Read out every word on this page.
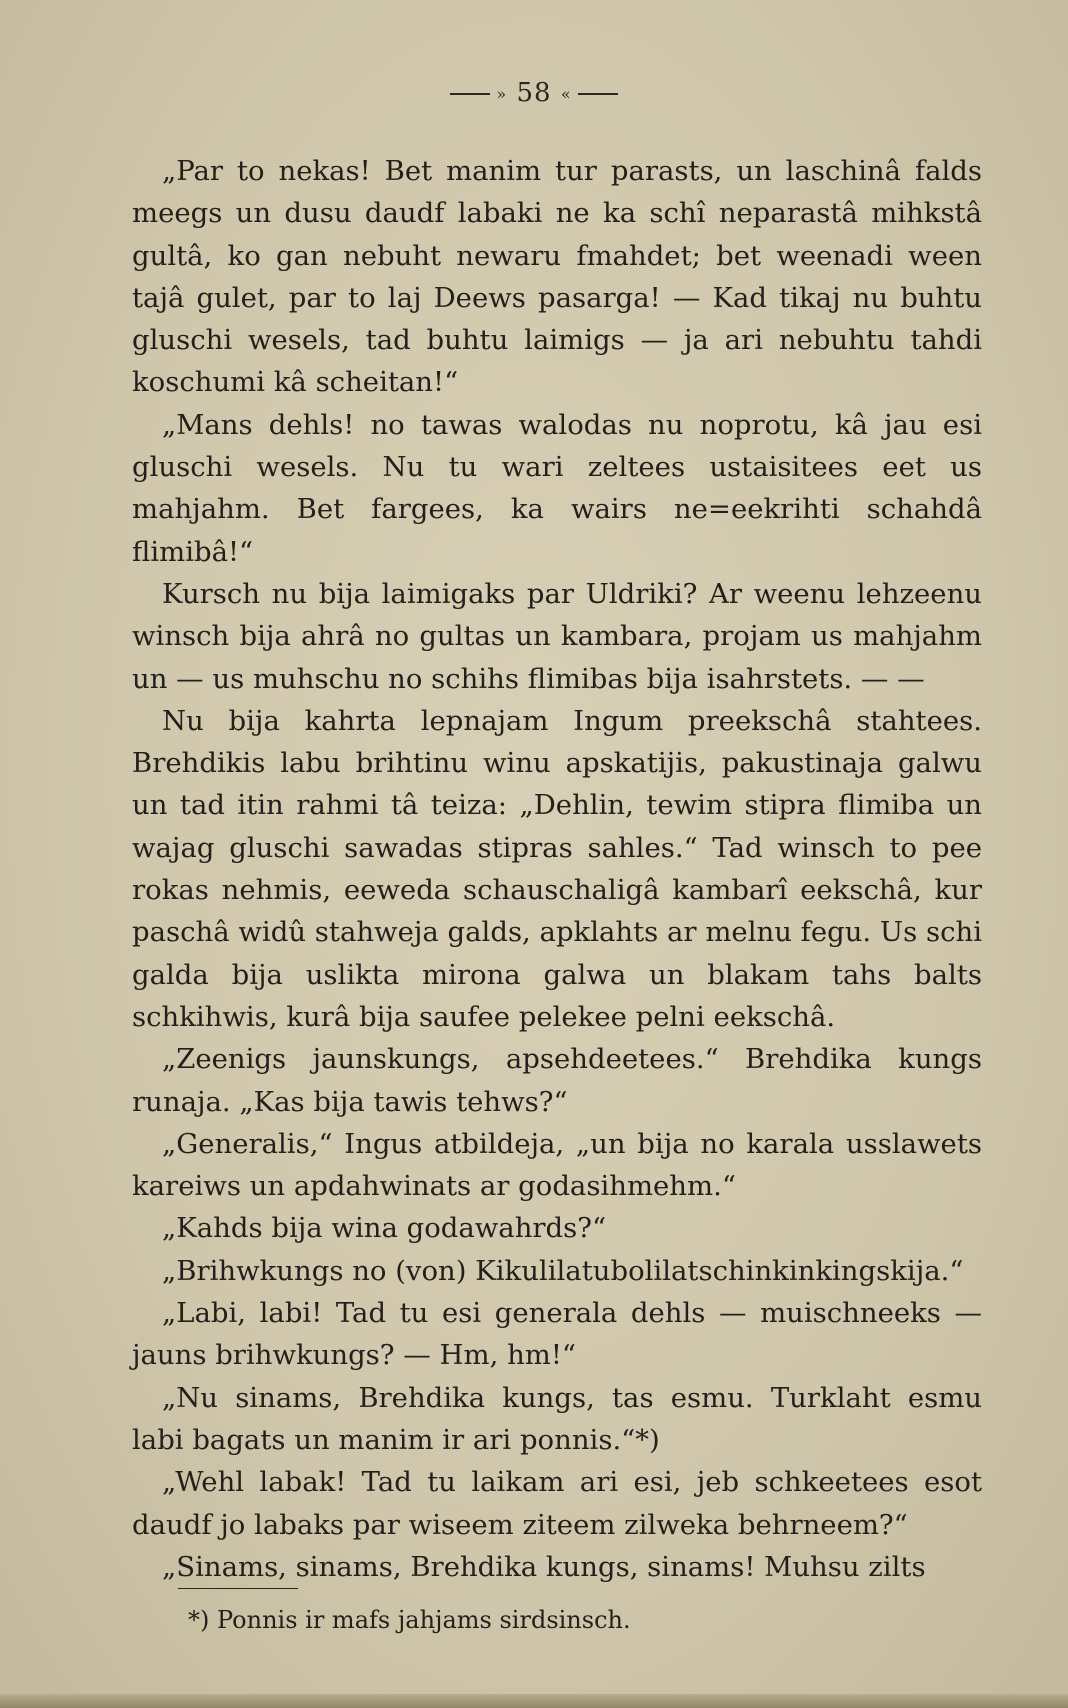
» 58 «

„Par to nekas! Bet manim tur parasts, un laschinâ falds meegs un dusu daudf labaki ne ka schî neparastâ mihkstâ gultâ, ko gan nebuht newaru fmahdet; bet weenadi ween tajâ gulet, par to laj Deews pasarga! — Kad tikaj nu buhtu gluschi wesels, tad buhtu laimigs — ja ari nebuhtu tahdi koschumi kâ scheitan!“

„Mans dehls! no tawas walodas nu noprotu, kâ jau esi gluschi wesels. Nu tu wari zeltees ustaisitees eet us mahjahm. Bet fargees, ka wairs ne=eekrihti schahdâ flimibâ!“

Kursch nu bija laimigaks par Uldriki? Ar weenu lehzeenu winsch bija ahrâ no gultas un kambara, projam us mahjahm un — us muhschu no schihs flimibas bija isahrstets. — —

Nu bija kahrta lepnajam Ingum preekschâ stahtees. Brehdikis labu brihtinu winu apskatijis, pakustinaja galwu un tad itin rahmi tâ teiza: „Dehlin, tewim stipra flimiba un wajag gluschi sawadas stipras sahles.“ Tad winsch to pee rokas nehmis, eeweda schauschaligâ kambarî eekschâ, kur paschâ widû stahweja galds, apklahts ar melnu fegu. Us schi galda bija uslikta mirona galwa un blakam tahs balts schkihwis, kurâ bija saufee pelekee pelni eekschâ.

„Zeenigs jaunskungs, apsehdeetees.“ Brehdika kungs runaja. „Kas bija tawis tehws?“

„Generalis,“ Ingus atbildeja, „un bija no karala usslawets kareiws un apdahwinats ar godasihmehm.“

„Kahds bija wina godawahrds?“

„Brihwkungs no (von) Kikulilatubolilatschinkinkingskija.“

„Labi, labi! Tad tu esi generala dehls — muischneeks — jauns brihwkungs? — Hm, hm!“

„Nu sinams, Brehdika kungs, tas esmu. Turklaht esmu labi bagats un manim ir ari ponnis.“*)

„Wehl labak! Tad tu laikam ari esi, jeb schkeetees esot daudf jo labaks par wiseem ziteem zilweka behrneem?“

„Sinams, sinams, Brehdika kungs, sinams! Muhsu zilts

*) Ponnis ir mafs jahjams sirdsinsch.
